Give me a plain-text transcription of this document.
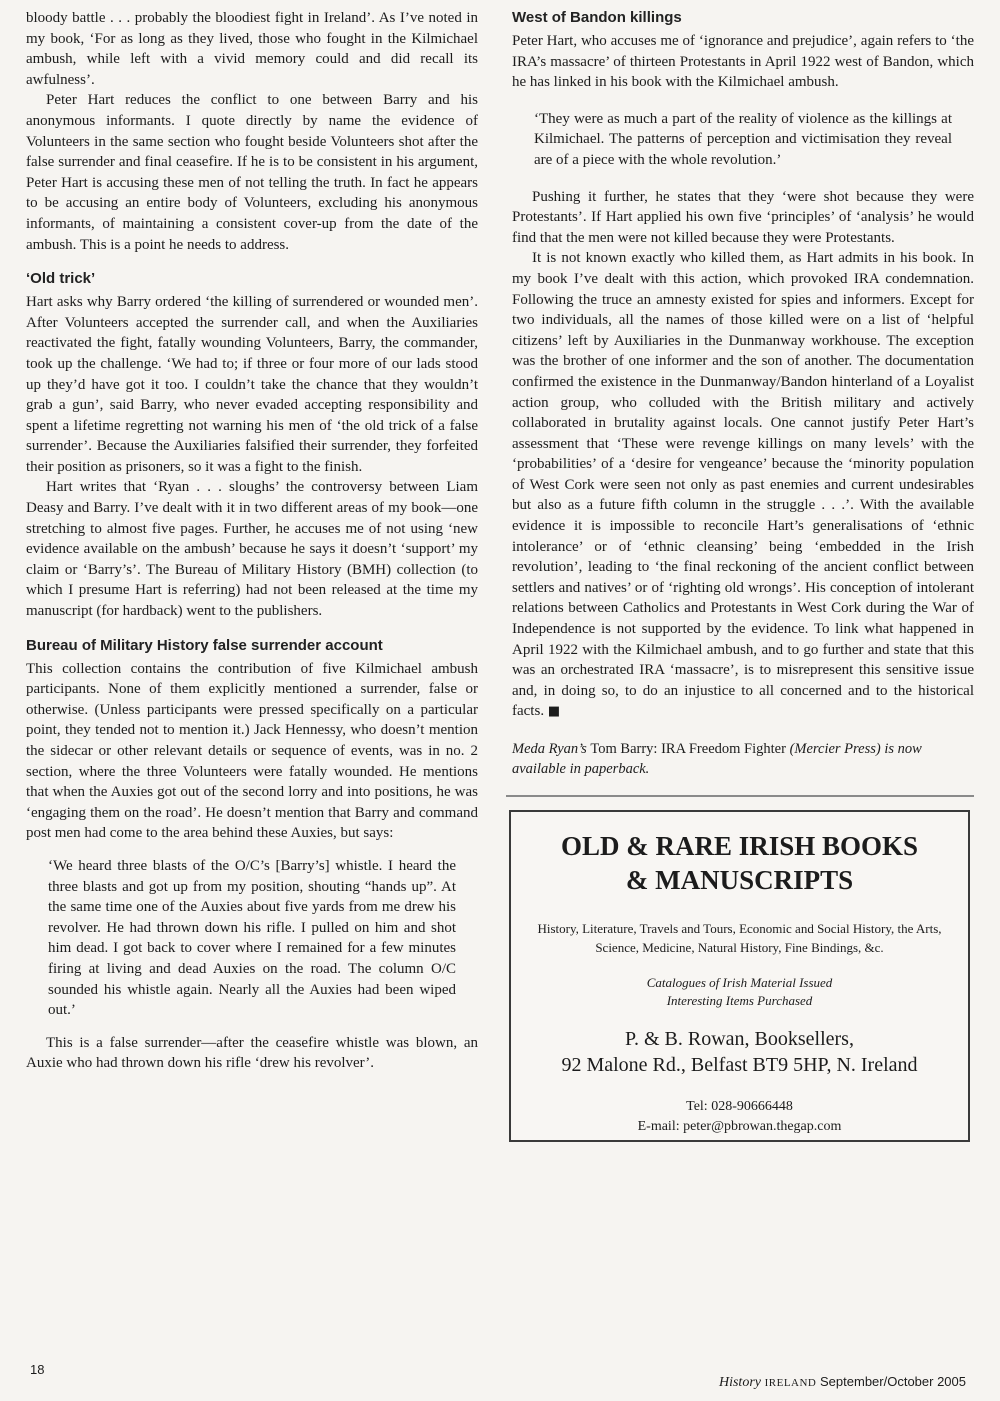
bloody battle . . . probably the bloodiest fight in Ireland’. As I’ve noted in my book, ‘For as long as they lived, those who fought in the Kilmichael ambush, while left with a vivid memory could and did recall its awfulness’.

Peter Hart reduces the conflict to one between Barry and his anonymous informants. I quote directly by name the evidence of Volunteers in the same section who fought beside Volunteers shot after the false surrender and final ceasefire. If he is to be consistent in his argument, Peter Hart is accusing these men of not telling the truth. In fact he appears to be accusing an entire body of Volunteers, excluding his anonymous informants, of maintaining a consistent cover-up from the date of the ambush. This is a point he needs to address.

‘Old trick’

Hart asks why Barry ordered ‘the killing of surrendered or wounded men’. After Volunteers accepted the surrender call, and when the Auxiliaries reactivated the fight, fatally wounding Volunteers, Barry, the commander, took up the challenge. ‘We had to; if three or four more of our lads stood up they’d have got it too. I couldn’t take the chance that they wouldn’t grab a gun’, said Barry, who never evaded accepting responsibility and spent a lifetime regretting not warning his men of ‘the old trick of a false surrender’. Because the Auxiliaries falsified their surrender, they forfeited their position as prisoners, so it was a fight to the finish.

Hart writes that ‘Ryan . . . sloughs’ the controversy between Liam Deasy and Barry. I’ve dealt with it in two different areas of my book—one stretching to almost five pages. Further, he accuses me of not using ‘new evidence available on the ambush’ because he says it doesn’t ‘support’ my claim or ‘Barry’s’. The Bureau of Military History (BMH) collection (to which I presume Hart is referring) had not been released at the time my manuscript (for hardback) went to the publishers.

Bureau of Military History false surrender account

This collection contains the contribution of five Kilmichael ambush participants. None of them explicitly mentioned a surrender, false or otherwise. (Unless participants were pressed specifically on a particular point, they tended not to mention it.) Jack Hennessy, who doesn’t mention the sidecar or other relevant details or sequence of events, was in no. 2 section, where the three Volunteers were fatally wounded. He mentions that when the Auxies got out of the second lorry and into positions, he was ‘engaging them on the road’. He doesn’t mention that Barry and command post men had come to the area behind these Auxies, but says:

‘We heard three blasts of the O/C’s [Barry’s] whistle. I heard the three blasts and got up from my position, shouting “hands up”. At the same time one of the Auxies about five yards from me drew his revolver. He had thrown down his rifle. I pulled on him and shot him dead. I got back to cover where I remained for a few minutes firing at living and dead Auxies on the road. The column O/C sounded his whistle again. Nearly all the Auxies had been wiped out.’

This is a false surrender—after the ceasefire whistle was blown, an Auxie who had thrown down his rifle ‘drew his revolver’.

West of Bandon killings

Peter Hart, who accuses me of ‘ignorance and prejudice’, again refers to ‘the IRA’s massacre’ of thirteen Protestants in April 1922 west of Bandon, which he has linked in his book with the Kilmichael ambush.

‘They were as much a part of the reality of violence as the killings at Kilmichael. The patterns of perception and victimisation they reveal are of a piece with the whole revolution.’

Pushing it further, he states that they ‘were shot because they were Protestants’. If Hart applied his own five ‘principles’ of ‘analysis’ he would find that the men were not killed because they were Protestants.

It is not known exactly who killed them, as Hart admits in his book. In my book I’ve dealt with this action, which provoked IRA condemnation. Following the truce an amnesty existed for spies and informers. Except for two individuals, all the names of those killed were on a list of ‘helpful citizens’ left by Auxiliaries in the Dunmanway workhouse. The exception was the brother of one informer and the son of another. The documentation confirmed the existence in the Dunmanway/Bandon hinterland of a Loyalist action group, who colluded with the British military and actively collaborated in brutality against locals. One cannot justify Peter Hart’s assessment that ‘These were revenge killings on many levels’ with the ‘probabilities’ of a ‘desire for vengeance’ because the ‘minority population of West Cork were seen not only as past enemies and current undesirables but also as a future fifth column in the struggle . . .’. With the available evidence it is impossible to reconcile Hart’s generalisations of ‘ethnic intolerance’ or of ‘ethnic cleansing’ being ‘embedded in the Irish revolution’, leading to ‘the final reckoning of the ancient conflict between settlers and natives’ or of ‘righting old wrongs’. His conception of intolerant relations between Catholics and Protestants in West Cork during the War of Independence is not supported by the evidence. To link what happened in April 1922 with the Kilmichael ambush, and to go further and state that this was an orchestrated IRA ‘massacre’, is to misrepresent this sensitive issue and, in doing so, to do an injustice to all concerned and to the historical facts. ■

Meda Ryan’s Tom Barry: IRA Freedom Fighter (Mercier Press) is now available in paperback.

OLD & RARE IRISH BOOKS
& MANUSCRIPTS
History, Literature, Travels and Tours, Economic and Social History, the Arts, Science, Medicine, Natural History, Fine Bindings, &c.
Catalogues of Irish Material Issued
Interesting Items Purchased
P. & B. Rowan, Booksellers,
92 Malone Rd., Belfast BT9 5HP, N. Ireland
Tel: 028-90666448
E-mail: peter@pbrowan.thegap.com
18
History IRELAND September/October 2005
